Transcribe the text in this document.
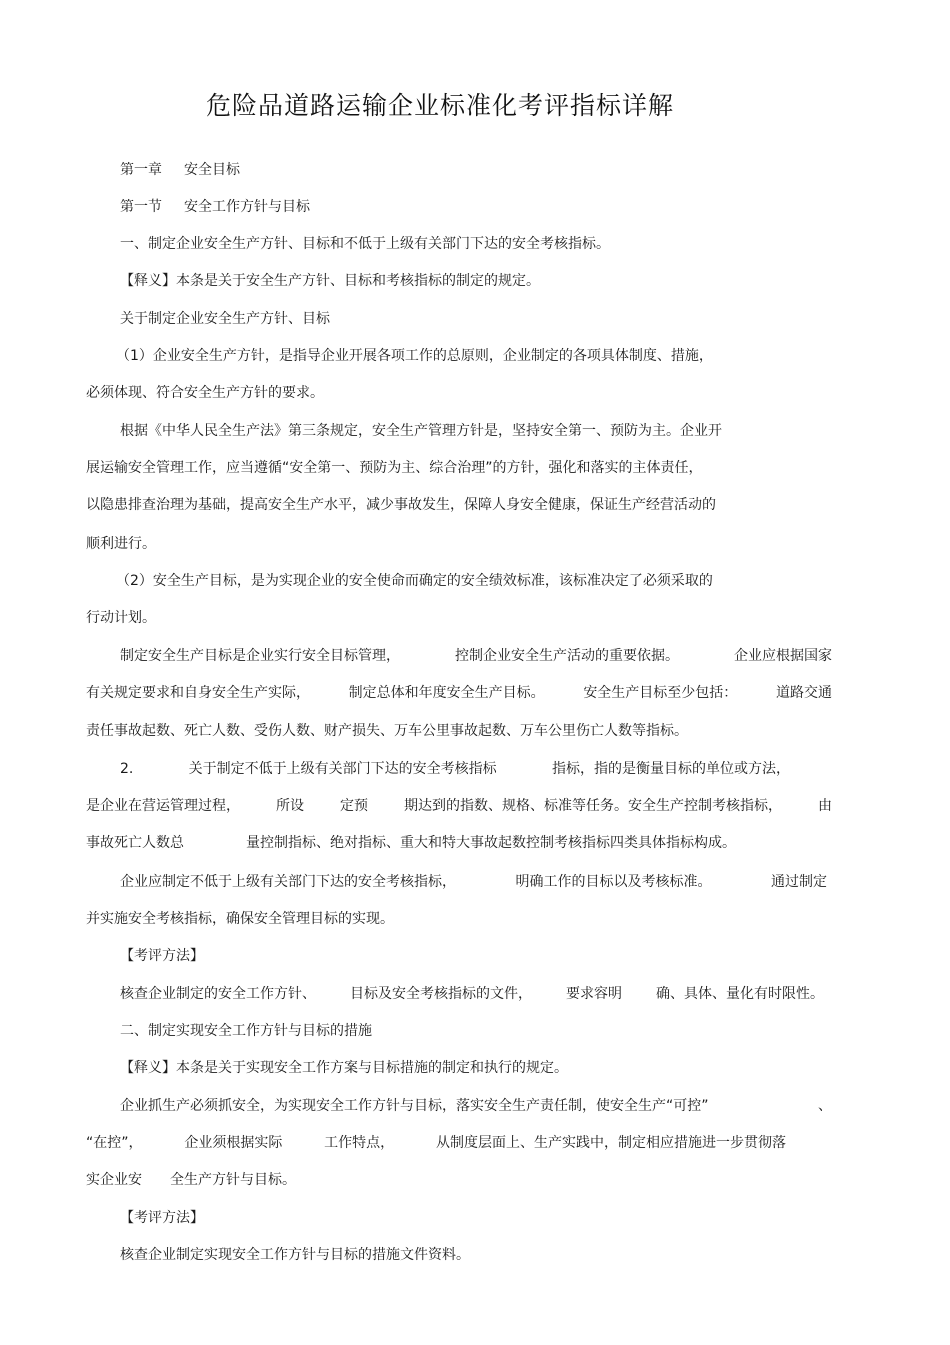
危险品道路运输企业标准化考评指标详解
第一章 安全目标
第一节 安全工作方针与目标
一、制定企业安全生产方针、目标和不低于上级有关部门下达的安全考核指标。
【释义】本条是关于安全生产方针、目标和考核指标的制定的规定。
关于制定企业安全生产方针、目标
（1）企业安全生产方针，是指导企业开展各项工作的总原则，企业制定的各项具体制度、措施，
必须体现、符合安全生产方针的要求。
根据《中华人民全生产法》第三条规定，安全生产管理方针是，坚持安全第一、预防为主。企业开
展运输安全管理工作，应当遵循“安全第一、预防为主、综合治理”的方针，强化和落实的主体责任，
以隐患排查治理为基础，提高安全生产水平，减少事故发生，保障人身安全健康，保证生产经营活动的
顺利进行。
（2）安全生产目标，是为实现企业的安全使命而确定的安全绩效标准，该标准决定了必须采取的
行动计划。
制定安全生产目标是企业实行安全目标管理，	控制企业安全生产活动的重要依据。	企业应根据国家
有关规定要求和自身安全生产实际，	制定总体和年度安全生产目标。	安全生产目标至少包括：	道路交通
责任事故起数、死亡人数、受伤人数、财产损失、万车公里事故起数、万车公里伤亡人数等指标。
2.	关于制定不低于上级有关部门下达的安全考核指标	指标，指的是衡量目标的单位或方法，
是企业在营运管理过程，	所设	定预	期达到的指数、规格、标准等任务。安全生产控制考核指标，	由
事故死亡人数总	量控制指标、绝对指标、重大和特大事故起数控制考核指标四类具体指标构成。
企业应制定不低于上级有关部门下达的安全考核指标，	明确工作的目标以及考核标准。	通过制定
并实施安全考核指标，确保安全管理目标的实现。
【考评方法】
核查企业制定的安全工作方针、 目标及安全考核指标的文件， 要求容明 确、具体、量化有时限性。
二、制定实现安全工作方针与目标的措施
【释义】本条是关于实现安全工作方案与目标措施的制定和执行的规定。
企业抓生产必须抓安全，为实现安全工作方针与目标，落实安全生产责任制，使安全生产“可控”	、
“在控”，	企业须根据实际	工作特点，	从制度层面上、生产实践中，制定相应措施进一步贯彻落
实企业安 全生产方针与目标。
【考评方法】
核查企业制定实现安全工作方针与目标的措施文件资料。
